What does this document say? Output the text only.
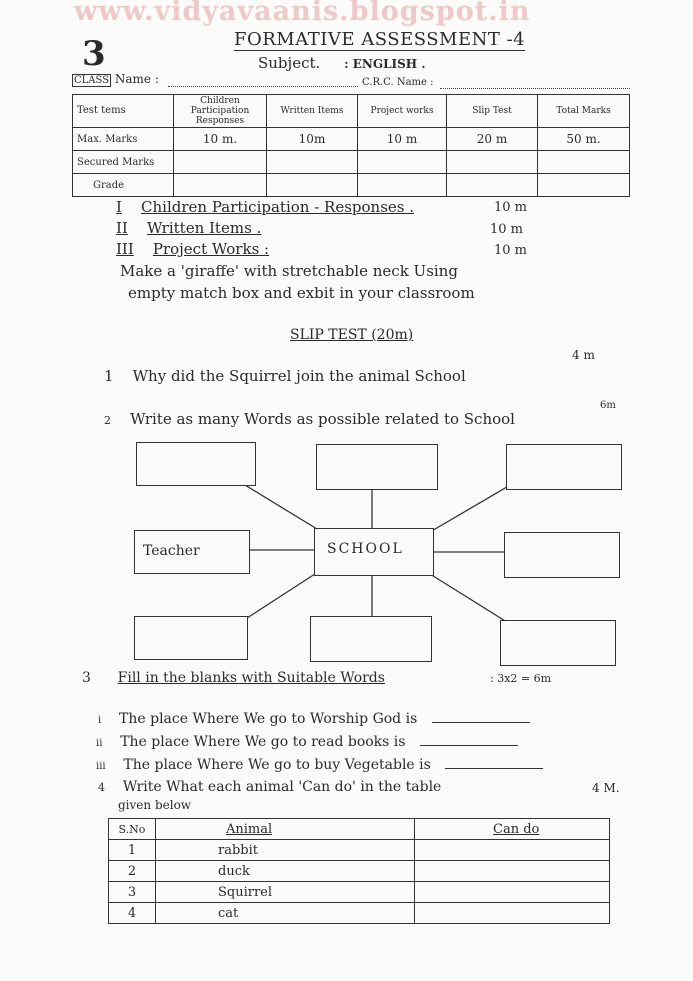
www.vidyavaanis.blogspot.in
3	FORMATIVE ASSESSMENT -4
Subject. : ENGLISH .
CLASS Name :	C.R.C. Name :
Test tems	Children Participation Responses	Written Items	Project works	Slip Test	Total Marks
Max. Marks	10 m.	10m	10 m	20 m	50 m.
Secured Marks					
Grade					
I Children Participation - Responses .	10 m
II Written Items .	10 m
III Project Works :	10 m
Make a 'giraffe' with stretchable neck Using
empty match box and exbit in your classroom
SLIP TEST (20m)
4 m
1 Why did the Squirrel join the animal School
2 Write as many Words as possible related to School
6m
Teacher	SCHOOL
3 Fill in the blanks with Suitable Words	: 3x2 = 6m
i The place Where We go to Worship God is
ii The place Where We go to read books is
iii The place Where We go to buy Vegetable is
4 Write What each animal 'Can do' in the table	4 M.
given below
S.No	Animal	Can do
1	rabbit	
2	duck	
3	Squirrel	
4	cat	
